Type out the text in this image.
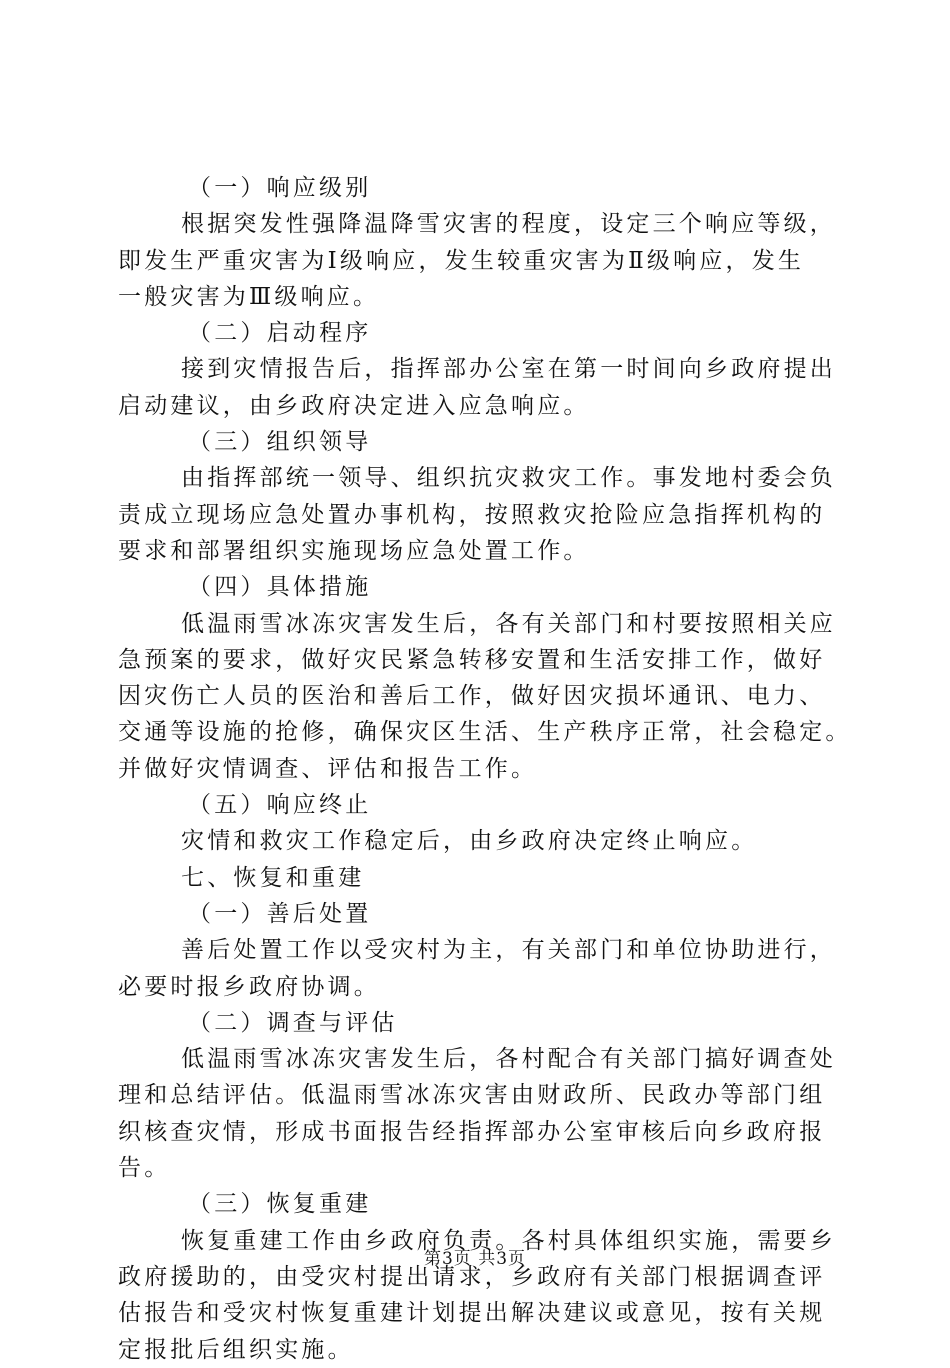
（一）响应级别
根据突发性强降温降雪灾害的程度，设定三个响应等级，
即发生严重灾害为Ⅰ级响应，发生较重灾害为Ⅱ级响应，发生
一般灾害为Ⅲ级响应。
（二）启动程序
接到灾情报告后，指挥部办公室在第一时间向乡政府提出
启动建议，由乡政府决定进入应急响应。
（三）组织领导
由指挥部统一领导、组织抗灾救灾工作。事发地村委会负
责成立现场应急处置办事机构，按照救灾抢险应急指挥机构的
要求和部署组织实施现场应急处置工作。
（四）具体措施
低温雨雪冰冻灾害发生后，各有关部门和村要按照相关应
急预案的要求，做好灾民紧急转移安置和生活安排工作，做好
因灾伤亡人员的医治和善后工作，做好因灾损坏通讯、电力、
交通等设施的抢修，确保灾区生活、生产秩序正常，社会稳定。
并做好灾情调查、评估和报告工作。
（五）响应终止
灾情和救灾工作稳定后，由乡政府决定终止响应。
七、恢复和重建
（一）善后处置
善后处置工作以受灾村为主，有关部门和单位协助进行，
必要时报乡政府协调。
（二）调查与评估
低温雨雪冰冻灾害发生后，各村配合有关部门搞好调查处
理和总结评估。低温雨雪冰冻灾害由财政所、民政办等部门组
织核查灾情，形成书面报告经指挥部办公室审核后向乡政府报
告。
（三）恢复重建
恢复重建工作由乡政府负责。各村具体组织实施，需要乡
政府援助的，由受灾村提出请求，乡政府有关部门根据调查评
估报告和受灾村恢复重建计划提出解决建议或意见，按有关规
定报批后组织实施。
第3页 共3页
